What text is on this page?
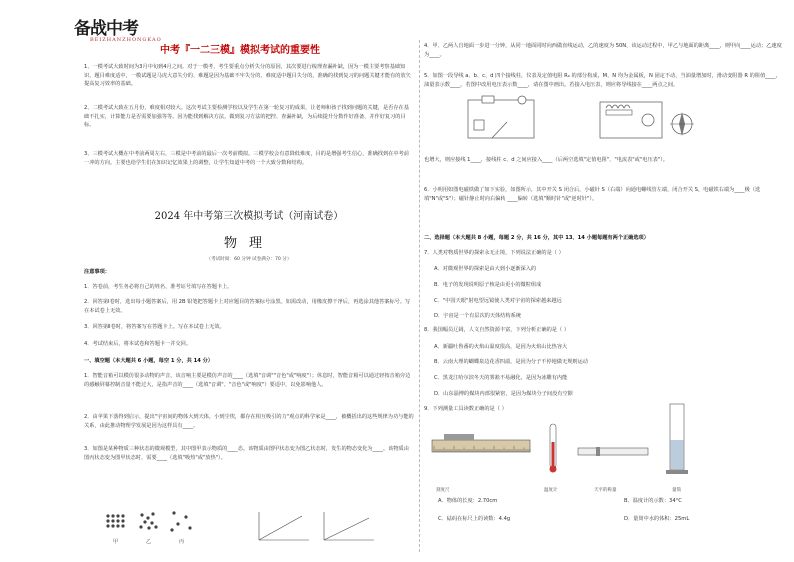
备战中考
BEIZHANZHONGKAO
中考『一二三模』模拟考试的重要性
1、一模考试大致时间为3月中旬到4月之间。对于一模考，考生要重点分析失分的原因，其次要进行梳理查漏补缺，因为一模主要考察基础知识，题目难度适中，一模试题是马虎大意失分的、难题是因为基础不牢失分的，难度适中题目失分的，准确的找到复习的问题关键才能有的放矢提高复习效率的基础。
2、二模考试大致在五月份，难度相对较大。这次考试主要检测学校以及学生在第一轮复习的成果，让老师和孩子找到问题的关键，是否存在基础不扎实，计算能力是否需要加强等等。因为能找到解决方法，做到复习方法的把控、查漏补缺，为后续提升分数作好准备，并作好复习的目标。
3、三模考试大概在中考前两周左右，三模是中考前的最后一次考前模拟。三模学校会有意降低难度，目的是增强考生信心，准确找到在中考前一冲的方向。主要也给学生们在知识记忆效果上的调整，让学生知道中考的一个大致分数和结构。
2024 年中考第三次模拟考试（河南试卷）
物理
（考试时间：60 分钟 试卷满分：70 分）
注意事项：
1．答卷前，考生务必将自己的姓名、准考证号填写在答题卡上。
2．回答第Ⅰ卷时，选出每小题答案后，用 2B 铅笔把答题卡上对应题目的答案标号涂黑。如需改动，用橡皮擦干净后，再选涂其他答案标号。写在本试卷上无效。
3．回答第Ⅱ卷时，将答案写在答题卡上。写在本试卷上无效。
4．考试结束后，将本试卷和答题卡一并交回。
一、填空题（本大题共 6 小题，每空 1 分，共 14 分）
1．智能音箱可以模仿很多动物的声音，该音响主要是模仿声音的____（选填"音调""音色"或"响度"）；休息时，智能音箱可以通过轻按音箱旁边的感触屏幕控制音量不能过大，是指声音的____（选填"音调"、"音色"或"响度"）要适中，以免影响他人。
2．由苹果下落得到启示，提出"宇宙间的物体大到天体，小到尘埃，都存在相互吸引的力"观点的科学家是____，被概括出的这些规律为功与能的关系，由此推动物理学发展是因为这样具有____。
3．如图是某种物质三种状态的微观模型，其中图甲表示物质的____态。该物质由图甲状态变为图乙状态时，发生的物态变化为____。该物质由图丙状态变为图甲状态时，需要____（选填"吸热"或"放热"）。
甲	乙	丙
4．甲、乙两人自地面一步进一分钟，从同一地面同时向西做直线运动，乙的速度为 50N，该运动过程中，甲乙与地面的距离____，则甲向____运动；乙速度为____。
5．如图一段导线 a、b、c、d 四个接线柱，仪表及定值电阻 R₀ 的部分构成，M、N 均为金属板，N 固定不动，当油量增加时，滑动变阻器 R 的阻值____，油量表示数____。若图中改用电压表示数____，请在图中画出。若接入电压表，则应将导线接在____两点之间。
也增大，则应接线 1____，接线柱 c、d 之间应接入____（后两空选填"定值电阻"、"电流表"或"电压表"）。
6．小明用如图电磁铁做了如下实验，如图所示，其中开关 S 闭合后，小磁针 S（右端）向通电螺线管左端，闭合开关 S，电磁铁右端为____极（选填"N"或"S"）；磁针静止时向右偏转 ____偏转（选填"顺时针"或"逆时针"）。
二、选择题（本大题共 8 小题，每题 2 分，共 16 分，其中 13、14 小题每题有两个正确选项）
7．人类对物质世界的探索永无止境，下列说法正确的是（ ）
A．对微观世界的探索是由大到小逐渐深入的
B．电子的发现说明原子核是由更小的微粒组成
C．"中国天眼"射电望远镜使人类对宇宙的探索越来越远
D．宇宙是一个有层次的天体结构系统
8．我国幅员辽阔，人文自然资源丰富，下列分析正确的是（ ）
A．新疆吐鲁番的火焰山温度很高，是因为火焰山比热容大
B．云南大理的蝴蝶泉边花香四溢，是因为分子不停地做无规则运动
C．黑龙江哈尔滨冬天的雾凇不易融化，是因为冰雕有内能
D．山东淄博的煤块内部很紧密，是因为煤块分子间没有空隙
9．下列测量工具读数正确的是（ ）
刻度尺	温度计	天平的称量	量筒
A．物体的长度：2.70cm	B．温度计的示数：34°C
C．砝码在标尺上的读数：4.4g	D．量筒中水的体积：25mL
